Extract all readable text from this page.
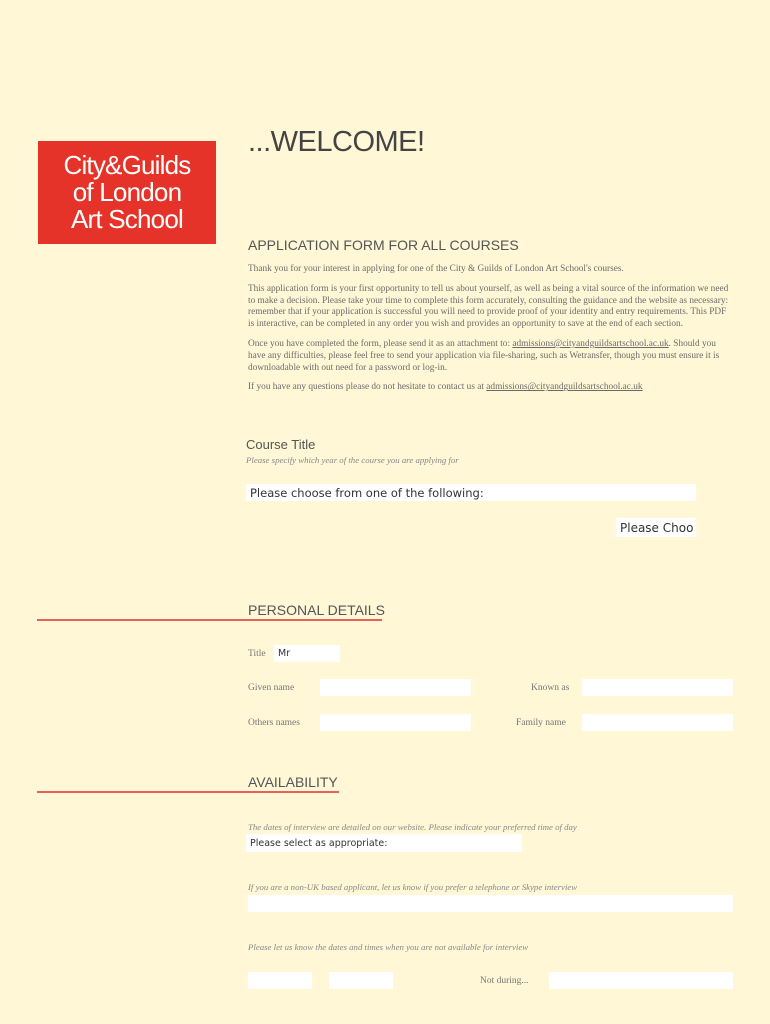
City&Guilds
of London
Art School
...WELCOME!
APPLICATION FORM FOR ALL COURSES

Thank you for your interest in applying for one of the City & Guilds of London Art School's courses.

This application form is your first opportunity to tell us about yourself, as well as being a vital source of the information we need to make a decision. Please take your time to complete this form accurately, consulting the guidance and the website as necessary: remember that if your application is successful you will need to provide proof of your identity and entry requirements. This PDF is interactive, can be completed in any order you wish and provides an opportunity to save at the end of each section.

Once you have completed the form, please send it as an attachment to: admissions@cityandguildsartschool.ac.uk. Should you have any difficulties, please feel free to send your application via file-sharing, such as Wetransfer, though you must ensure it is downloadable with out need for a password or log-in.

If you have any questions please do not hesitate to contact us at admissions@cityandguildsartschool.ac.uk

Course Title
Please specify which year of the course you are applying for
Please choose from one of the following:
Please Choo
PERSONAL DETAILS
Title	Mr
Given name	Known as
Others names	Family name
AVAILABILITY
The dates of interview are detailed on our website. Please indicate your preferred time of day
Please select as appropriate:
If you are a non-UK based applicant, let us know if you prefer a telephone or Skype interview
Please let us know the dates and times when you are not available for interview
Not during...
